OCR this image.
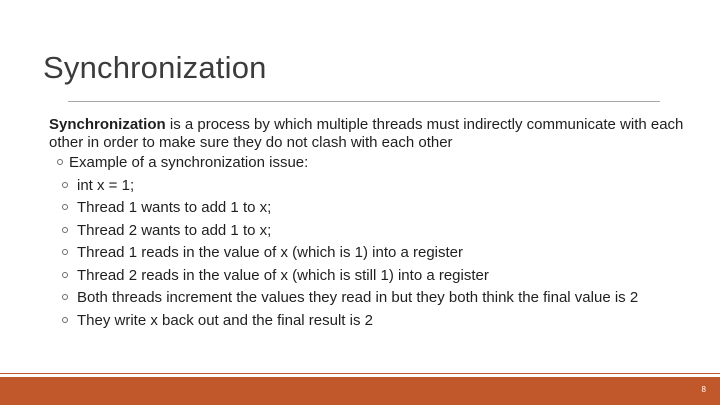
Synchronization
Synchronization is a process by which multiple threads must indirectly communicate with each other in order to make sure they do not clash with each other
Example of a synchronization issue:
int x = 1;
Thread 1 wants to add 1 to x;
Thread 2 wants to add 1 to x;
Thread 1 reads in the value of x (which is 1) into a register
Thread 2 reads in the value of x (which is still 1) into a register
Both threads increment the values they read in but they both think the final value is 2
They write x back out and the final result is 2
8
